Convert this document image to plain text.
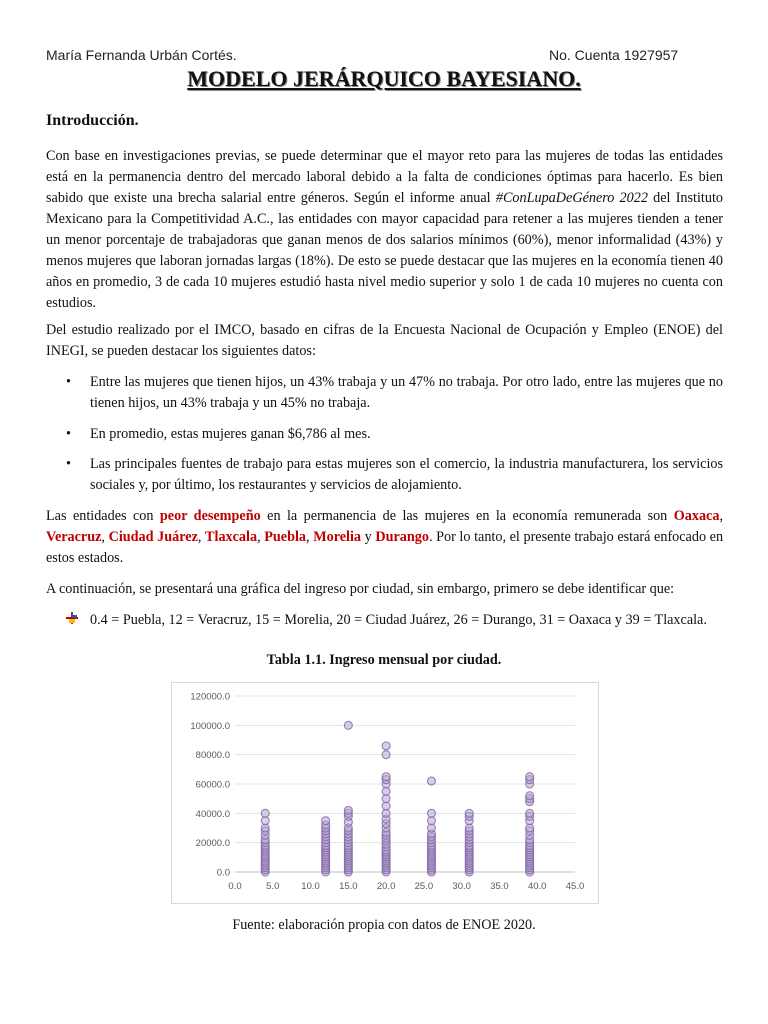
María Fernanda Urbán Cortés.	No. Cuenta 1927957
MODELO JERÁRQUICO BAYESIANO.
Introducción.
Con base en investigaciones previas, se puede determinar que el mayor reto para las mujeres de todas las entidades está en la permanencia dentro del mercado laboral debido a la falta de condiciones óptimas para hacerlo. Es bien sabido que existe una brecha salarial entre géneros. Según el informe anual #ConLupaDeGénero 2022 del Instituto Mexicano para la Competitividad A.C., las entidades con mayor capacidad para retener a las mujeres tienden a tener un menor porcentaje de trabajadoras que ganan menos de dos salarios mínimos (60%), menor informalidad (43%) y menos mujeres que laboran jornadas largas (18%). De esto se puede destacar que las mujeres en la economía tienen 40 años en promedio, 3 de cada 10 mujeres estudió hasta nivel medio superior y solo 1 de cada 10 mujeres no cuenta con estudios.
Del estudio realizado por el IMCO, basado en cifras de la Encuesta Nacional de Ocupación y Empleo (ENOE) del INEGI, se pueden destacar los siguientes datos:
• Entre las mujeres que tienen hijos, un 43% trabaja y un 47% no trabaja. Por otro lado, entre las mujeres que no tienen hijos, un 43% trabaja y un 45% no trabaja.
• En promedio, estas mujeres ganan $6,786 al mes.
• Las principales fuentes de trabajo para estas mujeres son el comercio, la industria manufacturera, los servicios sociales y, por último, los restaurantes y servicios de alojamiento.
Las entidades con peor desempeño en la permanencia de las mujeres en la economía remunerada son Oaxaca, Veracruz, Ciudad Juárez, Tlaxcala, Puebla, Morelia y Durango. Por lo tanto, el presente trabajo estará enfocado en estos estados.
A continuación, se presentará una gráfica del ingreso por ciudad, sin embargo, primero se debe identificar que:
0.4 = Puebla, 12 = Veracruz, 15 = Morelia, 20 = Ciudad Juárez, 26 = Durango, 31 = Oaxaca y 39 = Tlaxcala.
Tabla 1.1. Ingreso mensual por ciudad.
0.0
20000.0
40000.0
60000.0
80000.0
100000.0
120000.0
0.0	5.0 10.0 15.0 20.0 25.0 30.0 35.0 40.0 45.0
Fuente: elaboración propia con datos de ENOE 2020.
